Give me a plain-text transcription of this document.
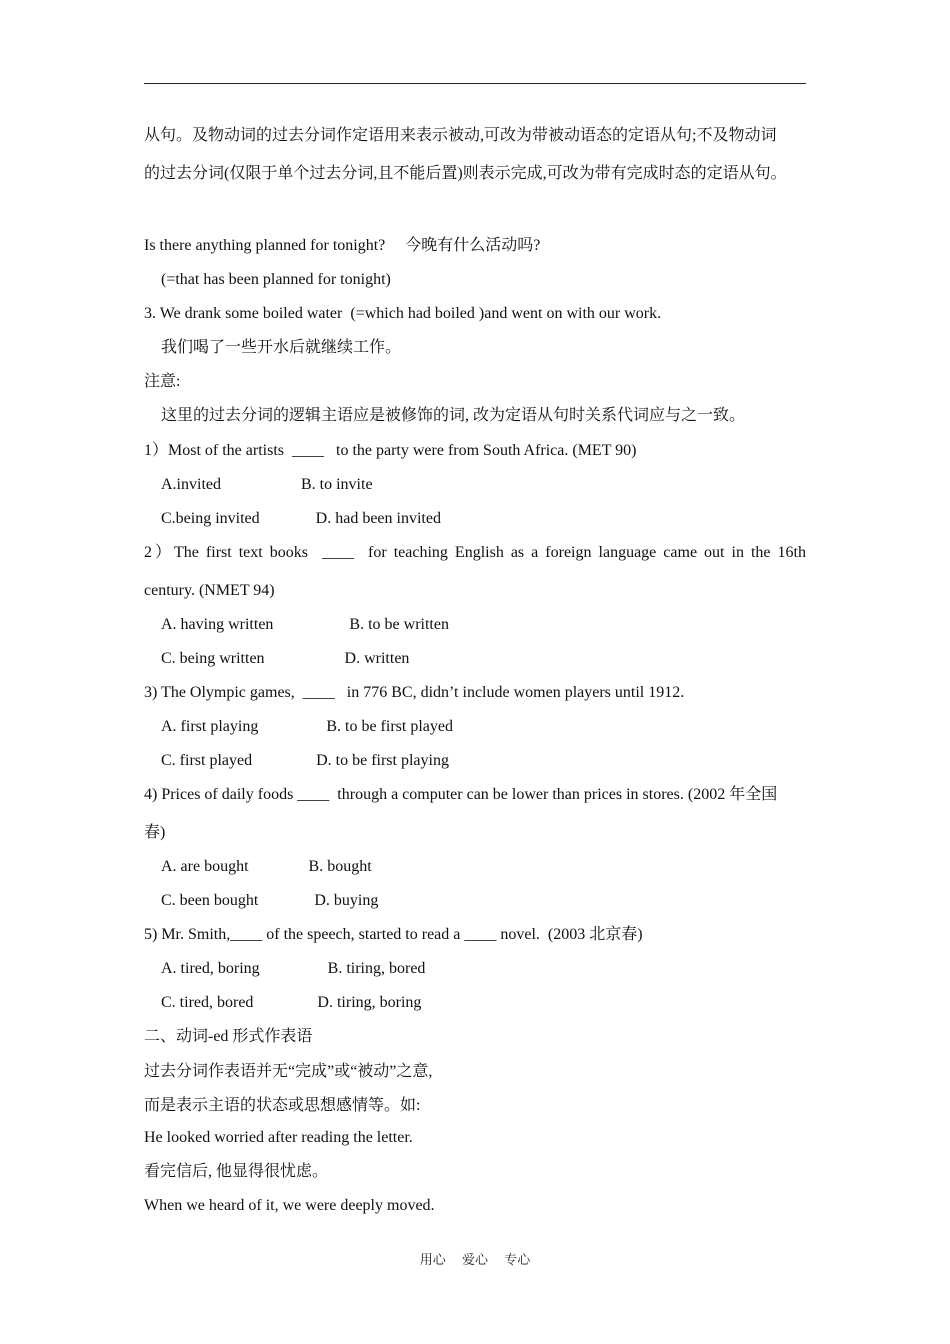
从句。及物动词的过去分词作定语用来表示被动,可改为带被动语态的定语从句;不及物动词
的过去分词(仅限于单个过去分词,且不能后置)则表示完成,可改为带有完成时态的定语从句。
Is there anything planned for tonight?     今晚有什么活动吗?
(=that has been planned for tonight)
3. We drank some boiled water  (=which had boiled )and went on with our work.
我们喝了一些开水后就继续工作。
注意:
这里的过去分词的逻辑主语应是被修饰的词, 改为定语从句时关系代词应与之一致。
1）Most of the artists  ____   to the party were from South Africa. (MET 90)
A.invited                    B. to invite
C.being invited              D. had been invited
2）The first text books  ____  for teaching English as a foreign language came out in the 16th
century. (NMET 94)
A. having written                   B. to be written
C. being written                    D. written
3) The Olympic games,  ____   in 776 BC, didn’t include women players until 1912.
A. first playing                 B. to be first played
C. first played                D. to be first playing
4) Prices of daily foods ____  through a computer can be lower than prices in stores. (2002 年全国
春)
A. are bought               B. bought
C. been bought              D. buying
5) Mr. Smith,____ of the speech, started to read a ____ novel.  (2003 北京春)
A. tired, boring                 B. tiring, bored
C. tired, bored                D. tiring, boring
二、动词-ed 形式作表语
过去分词作表语并无“完成”或“被动”之意,
而是表示主语的状态或思想感情等。如:
He looked worried after reading the letter.
看完信后, 他显得很忧虑。
When we heard of it, we were deeply moved.
用心     爱心     专心
